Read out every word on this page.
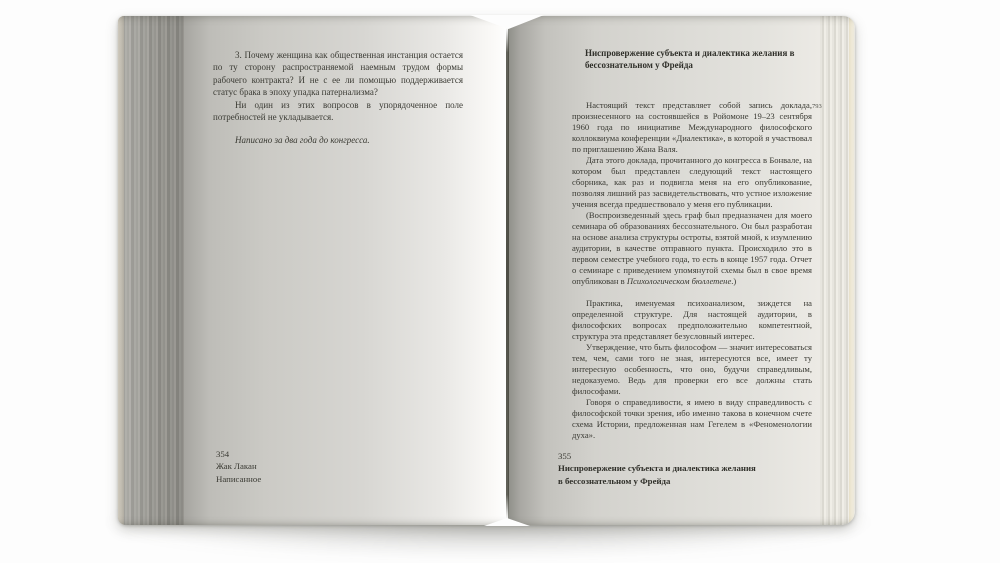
3. Почему женщина как общественная инстанция остается по ту сторону распространяемой наемным трудом формы рабочего контракта? И не с ее ли помощью поддерживается статус брака в эпоху упадка патернализма?

Ни один из этих вопросов в упорядоченное поле потребностей не укладывается.

Написано за два года до конгресса.

354
Жак Лакан
Написанное
Ниспровержение субъекта и диалектика желания в бессознательном у Фрейда
793

Настоящий текст представляет собой запись доклада, произнесенного на состоявшейся в Ройомоне 19–23 сентября 1960 года по инициативе Международного философского коллоквиума конференции «Диалектика», в которой я участвовал по приглашению Жана Валя.

Дата этого доклада, прочитанного до конгресса в Бонвале, на котором был представлен следующий текст настоящего сборника, как раз и подвигла меня на его опубликование, позволяя лишний раз засвидетельствовать, что устное изложение учения всегда предшествовало у меня его публикации.

(Воспроизведенный здесь граф был предназначен для моего семинара об образованиях бессознательного. Он был разработан на основе анализа структуры остроты, взятой мной, к изумлению аудитории, в качестве отправного пункта. Происходило это в первом семестре учебного года, то есть в конце 1957 года. Отчет о семинаре с приведением упомянутой схемы был в свое время опубликован в Психологическом бюллетене.)

Практика, именуемая психоанализом, зиждется на определенной структуре. Для настоящей аудитории, в философских вопросах предположительно компетентной, структура эта представляет безусловный интерес.

Утверждение, что быть философом — значит интересоваться тем, чем, сами того не зная, интересуются все, имеет ту интересную особенность, что оно, будучи справедливым, недоказуемо. Ведь для проверки его все должны стать философами.

Говоря о справедливости, я имею в виду справедливость с философской точки зрения, ибо именно такова в конечном счете схема Истории, предложенная нам Гегелем в «Феноменологии духа».

355
Ниспровержение субъекта и диалектика желания
в бессознательном у Фрейда
